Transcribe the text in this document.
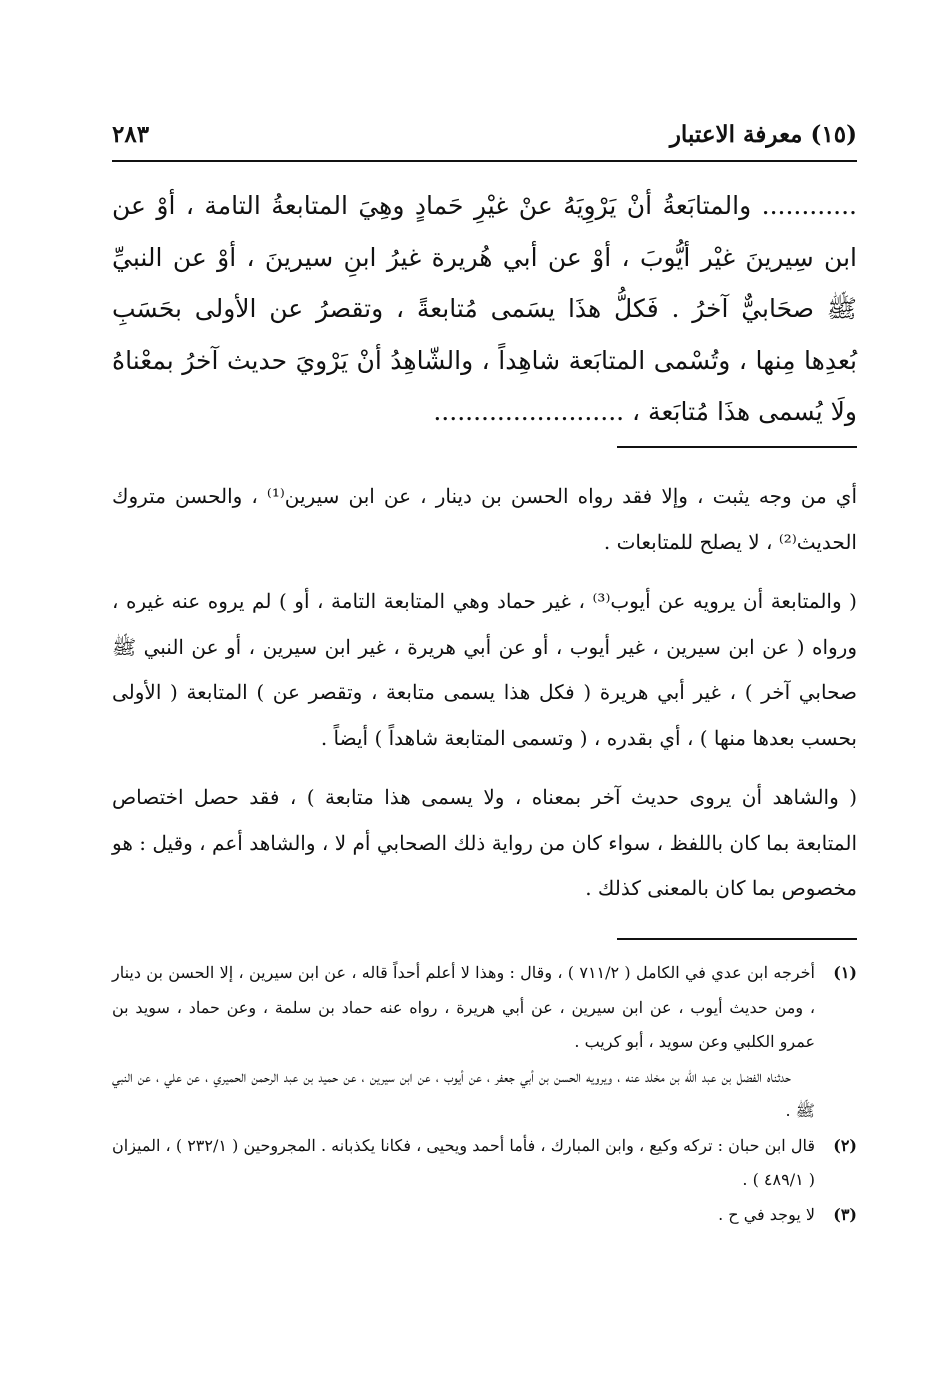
(١٥) معرفة الاعتبار
٢٨٣

............ والمتابَعةُ أنْ يَرْوِيَهُ عنْ غيْرِ حَمادٍ وهِيَ المتابعةُ التامة ، أوْ عن ابن سِيرينَ غيْر أيُّوبَ ، أوْ عن أبي هُريرة غيرُ ابنِ سيرينَ ، أوْ عن النبيِّ ﷺ صحَابيٌّ آخرُ . فَكلُّ هذَا يسَمى مُتابعةً ، وتقصرُ عن الأولى بحَسَبِ بُعدِها مِنها ، وتُسْمى المتابَعة شاهِداً ، والشّاهِدُ أنْ يَرْويَ حديث آخرُ بمعْناهُ ولَا يُسمى هذَا مُتابَعة ، ........................

أي من وجه يثبت ، وإلا فقد رواه الحسن بن دينار ، عن ابن سيرين⁽¹⁾ ، والحسن متروك الحديث⁽²⁾ ، لا يصلح للمتابعات .

( والمتابعة أن يرويه عن أيوب⁽³⁾ ، غير حماد وهي المتابعة التامة ، أو ) لم يروه عنه غيره ، ورواه ( عن ابن سيرين ، غير أيوب ، أو عن أبي هريرة ، غير ابن سيرين ، أو عن النبي ﷺ صحابي آخر ) ، غير أبي هريرة ( فكل هذا يسمى متابعة ، وتقصر عن ) المتابعة ( الأولى بحسب بعدها منها ) ، أي بقدره ، ( وتسمى المتابعة شاهداً ) أيضاً .

( والشاهد أن يروى حديث آخر بمعناه ، ولا يسمى هذا متابعة ) ، فقد حصل اختصاص المتابعة بما كان باللفظ ، سواء كان من رواية ذلك الصحابي أم لا ، والشاهد أعم ، وقيل : هو مخصوص بما كان بالمعنى كذلك .

(١)

أخرجه ابن عدي في الكامل ( ٧١١/٢ ) ، وقال : وهذا لا أعلم أحداً قاله ، عن ابن سيرين ، إلا الحسن بن دينار ، ومن حديث أيوب ، عن ابن سيرين ، عن أبي هريرة ، رواه عنه حماد بن سلمة ، وعن حماد ، سويد بن عمرو الكلبي وعن سويد ، أبو كريب .

حدثناه الفضل بن عبد الله بن مخلد عنه ، ويرويه الحسن بن أبي جعفر ، عن أيوب ، عن ابن سيرين ، عن حميد بن عبد الرحمن الحميري ، عن علي ، عن النبي ﷺ .

(٢)

قال ابن حبان : تركه وكيع ، وابن المبارك ، فأما أحمد ويحيى ، فكانا يكذبانه . المجروحين ( ٢٣٢/١ ) ، الميزان ( ٤٨٩/١ ) .

(٣)

لا يوجد في ح .
